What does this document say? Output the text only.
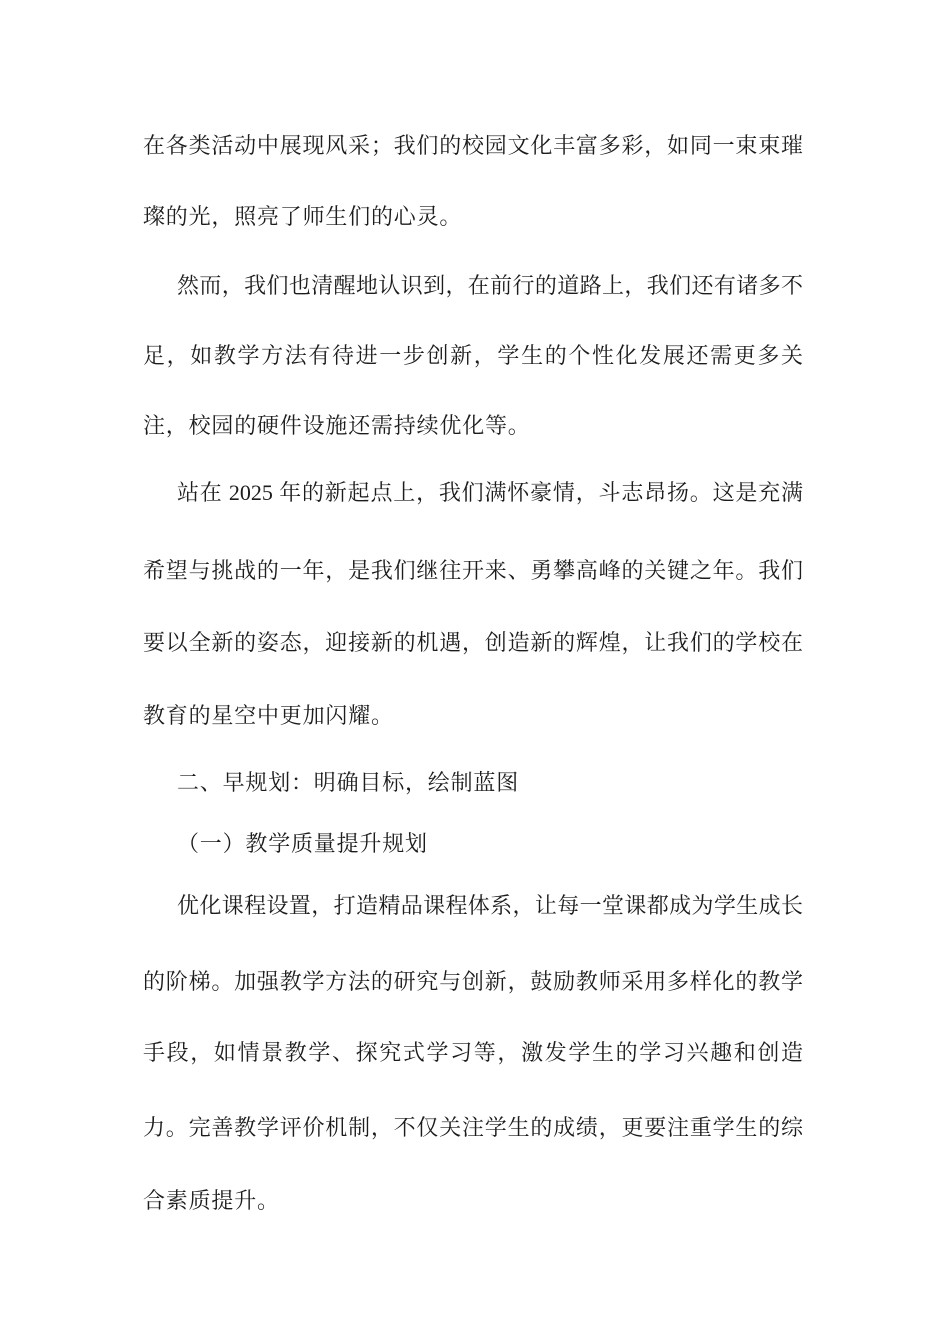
在各类活动中展现风采；我们的校园文化丰富多彩，如同一束束璀
璨的光，照亮了师生们的心灵。
然而，我们也清醒地认识到，在前行的道路上，我们还有诸多不
足，如教学方法有待进一步创新，学生的个性化发展还需更多关
注，校园的硬件设施还需持续优化等。
站在 2025 年的新起点上，我们满怀豪情，斗志昂扬。这是充满
希望与挑战的一年，是我们继往开来、勇攀高峰的关键之年。我们
要以全新的姿态，迎接新的机遇，创造新的辉煌，让我们的学校在
教育的星空中更加闪耀。
二、早规划：明确目标，绘制蓝图
（一）教学质量提升规划
优化课程设置，打造精品课程体系，让每一堂课都成为学生成长
的阶梯。加强教学方法的研究与创新，鼓励教师采用多样化的教学
手段，如情景教学、探究式学习等，激发学生的学习兴趣和创造
力。完善教学评价机制，不仅关注学生的成绩，更要注重学生的综
合素质提升。
